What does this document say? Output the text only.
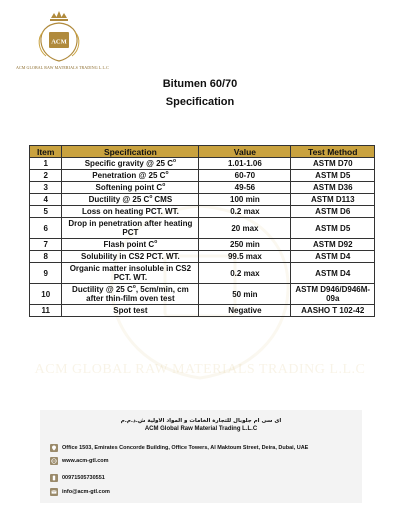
ACM
ACM GLOBAL RAW MATERIALS TRADING L.L.C
ACM GLOBAL RAW MATERIALS TRADING L.L.C
Bitumen 60/70
Specification
Item	Specification	Value	Test Method
1	Specific gravity @ 25 $C^o$	1.01-1.06	ASTM D70
2	Penetration @ 25 $C^o$	60-70	ASTM D5
3	Softening point $C^o$	49-56	ASTM D36
4	Ductility @ 25 $C^o$ CMS	100 min	ASTM D113
5	Loss on heating PCT. WT.	0.2 max	ASTM D6
6	Drop in penetration after heating PCT	20 max	ASTM D5
7	Flash point $C^o$	250 min	ASTM D92
8	Solubility in CS2 PCT. WT.	99.5 max	ASTM D4
9	Organic matter insoluble in CS2 PCT. WT.	0.2 max	ASTM D4
10	Ductility @ 25 $C^o$, 5cm/min, cm after thin-film oven test	50 min	ASTM D946/D946M-09a
11	Spot test	Negative	AASHO T 102-42
ای سی ام جلوبال للتجارة الخامات و المواد الاولية ش.ذ.م.م
ACM Global Raw Material Trading L.L.C
Office 1503, Emirates Concorde Building, Office Towers, Al Maktoum Street, Deira, Dubai, UAE
www.acm-gtl.com
00971505730551
info@acm-gtl.com
